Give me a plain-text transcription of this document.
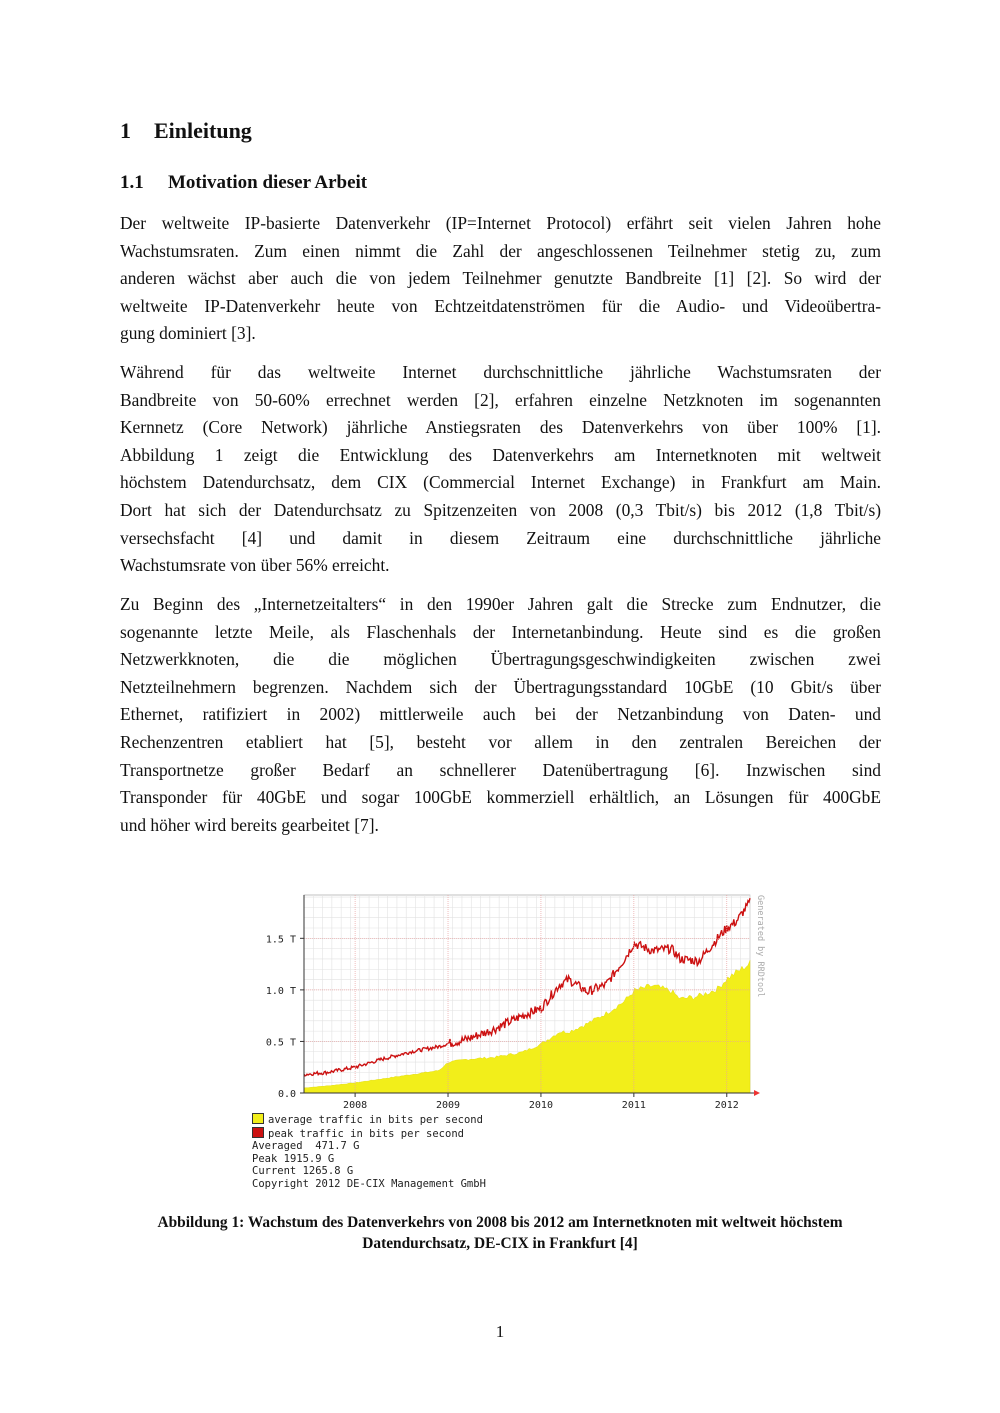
1 Einleitung
1.1 Motivation dieser Arbeit
Der weltweite IP-basierte Datenverkehr (IP=Internet Protocol) erfährt seit vielen Jahren hohe
Wachstumsraten. Zum einen nimmt die Zahl der angeschlossenen Teilnehmer stetig zu, zum
anderen wächst aber auch die von jedem Teilnehmer genutzte Bandbreite [1] [2]. So wird der
weltweite IP-Datenverkehr heute von Echtzeitdatenströmen für die Audio- und Videoübertra-
gung dominiert [3].
Während für das weltweite Internet durchschnittliche jährliche Wachstumsraten der
Bandbreite von 50-60% errechnet werden [2], erfahren einzelne Netzknoten im sogenannten
Kernnetz (Core Network) jährliche Anstiegsraten des Datenverkehrs von über 100% [1].
Abbildung 1 zeigt die Entwicklung des Datenverkehrs am Internetknoten mit weltweit
höchstem Datendurchsatz, dem CIX (Commercial Internet Exchange) in Frankfurt am Main.
Dort hat sich der Datendurchsatz zu Spitzenzeiten von 2008 (0,3 Tbit/s) bis 2012 (1,8 Tbit/s)
versechsfacht [4] und damit in diesem Zeitraum eine durchschnittliche jährliche
Wachstumsrate von über 56% erreicht.
Zu Beginn des „Internetzeitalters“ in den 1990er Jahren galt die Strecke zum Endnutzer, die
sogenannte letzte Meile, als Flaschenhals der Internetanbindung. Heute sind es die großen
Netzwerkknoten, die die möglichen Übertragungsgeschwindigkeiten zwischen zwei
Netzteilnehmern begrenzen. Nachdem sich der Übertragungsstandard 10GbE (10 Gbit/s über
Ethernet, ratifiziert in 2002) mittlerweile auch bei der Netzanbindung von Daten- und
Rechenzentren etabliert hat [5], besteht vor allem in den zentralen Bereichen der
Transportnetze großer Bedarf an schnellerer Datenübertragung [6]. Inzwischen sind
Transponder für 40GbE und sogar 100GbE kommerziell erhältlich, an Lösungen für 400GbE
und höher wird bereits gearbeitet [7].
0.0
0.5 T
1.0 T
1.5 T
2008	2009	2010	2011	2012
Generated by RRDtool
average traffic in bits per second
peak traffic in bits per second
Averaged 471.7 G
Peak 1915.9 G
Current 1265.8 G
Copyright 2012 DE-CIX Management GmbH
Abbildung 1: Wachstum des Datenverkehrs von 2008 bis 2012 am Internetknoten mit weltweit höchstem
Datendurchsatz, DE-CIX in Frankfurt [4]
1
